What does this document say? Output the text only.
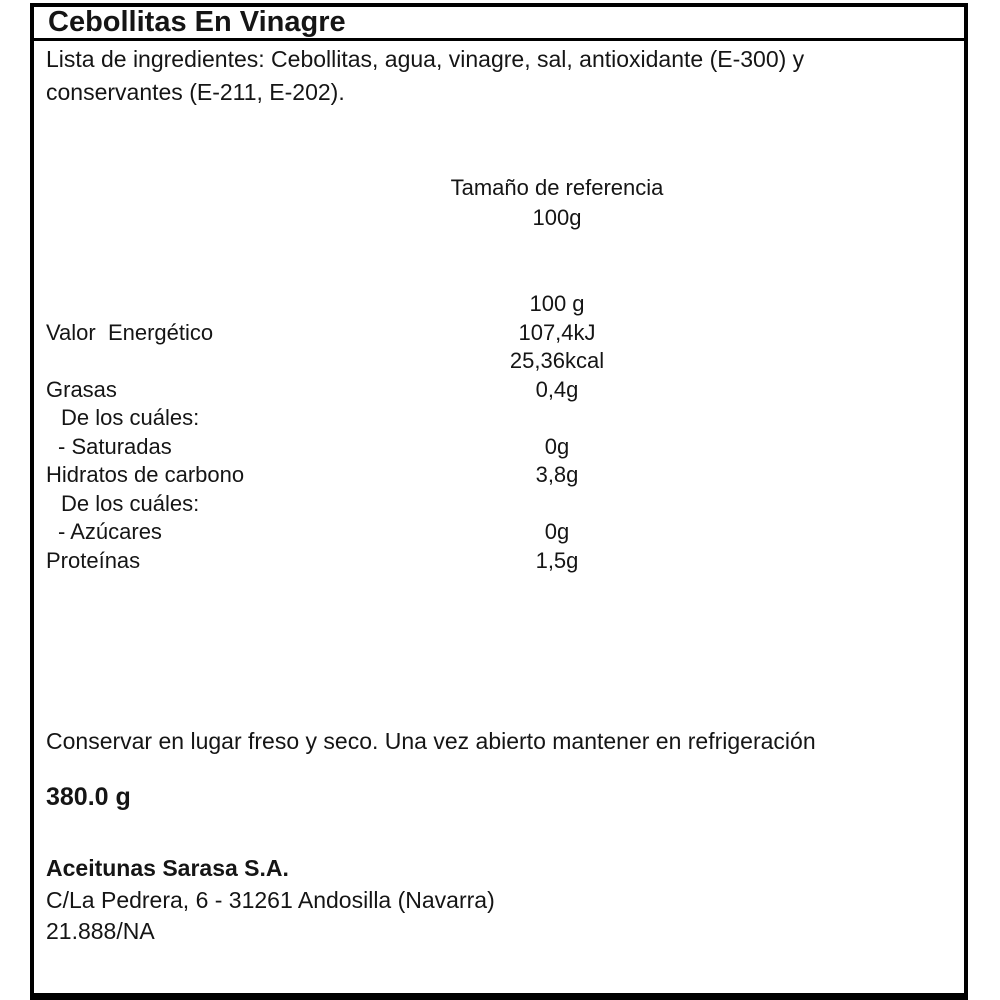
Cebollitas En Vinagre

Lista de ingredientes: Cebollitas, agua, vinagre, sal, antioxidante (E-300) y conservantes (E-211, E-202).

Tamaño de referencia
100g
100 g
Valor  Energético	107,4kJ
25,36kcal
Grasas	0,4g
De los cuáles:
- Saturadas	0g
Hidratos de carbono	3,8g
De los cuáles:
- Azúcares	0g
Proteínas	1,5g

Conservar en lugar freso y seco. Una vez abierto mantener en refrigeración

380.0 g

Aceitunas Sarasa S.A.

C/La Pedrera, 6 - 31261 Andosilla (Navarra)

21.888/NA
